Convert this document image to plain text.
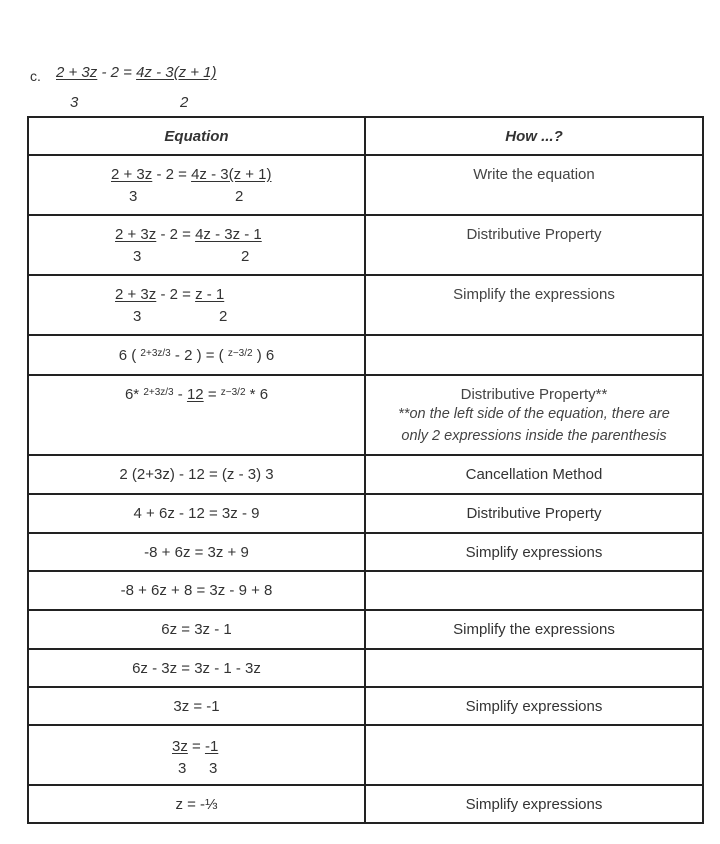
c. 2 + 3z - 2 = 4z - 3(z + 1)
3	2
Equation	How ...?

2 + 3z - 2 = 4z - 3(z + 1)
3 2	Write the equation

2 + 3z - 2 = 4z - 3z - 1
3 2	Distributive Property

2 + 3z - 2 = z - 1
3 2	Simplify the expressions
6 ( $^{2+3z/3}$ - 2 ) = ( $^{z-3/2}$ ) 6	

6* $^{2+3z/3}$ - 12 = $^{z-3/2}$ * 6	Distributive Property**
**on the left side of the equation, there are
only 2 expressions inside the parenthesis

2 (2+3z) - 12 = (z - 3) 3	Cancellation Method
4 + 6z - 12 = 3z - 9	Distributive Property
-8 + 6z = 3z + 9	Simplify expressions
-8 + 6z + 8 = 3z - 9 + 8	
6z = 3z - 1	Simplify the expressions
6z - 3z = 3z - 1 - 3z	
3z = -1	Simplify expressions

3z = -1
3 3	

z = -⅓	Simplify expressions
